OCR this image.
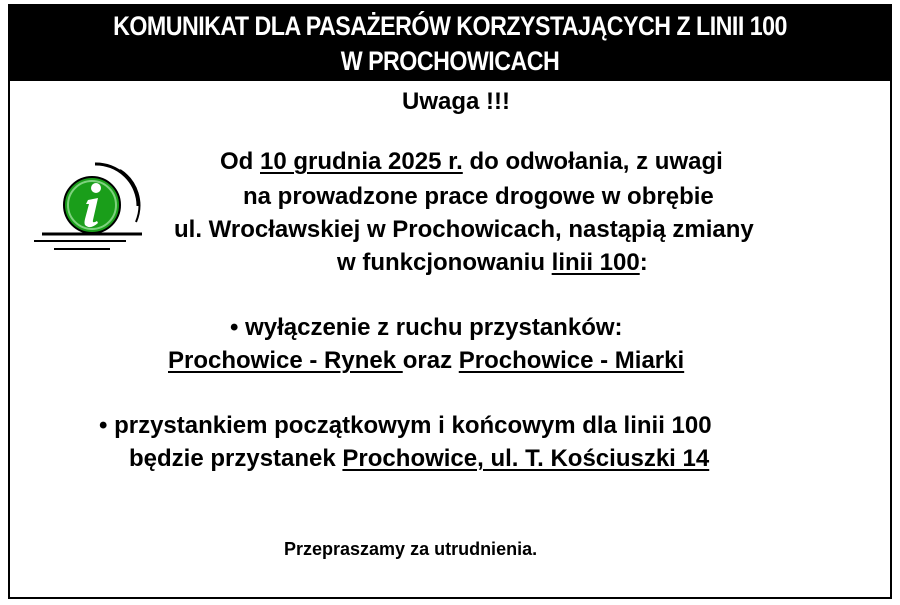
KOMUNIKAT DLA PASAŻERÓW KORZYSTAJĄCYCH Z LINII 100
W PROCHOWICACH
Uwaga !!!
Od 10 grudnia 2025 r. do odwołania, z uwagi
na prowadzone prace drogowe w obrębie
ul. Wrocławskiej w Prochowicach, nastąpią zmiany
w funkcjonowaniu linii 100:
• wyłączenie z ruchu przystanków:
Prochowice - Rynek oraz Prochowice - Miarki
• przystankiem początkowym i końcowym dla linii 100
będzie przystanek Prochowice, ul. T. Kościuszki 14
Przepraszamy za utrudnienia.
